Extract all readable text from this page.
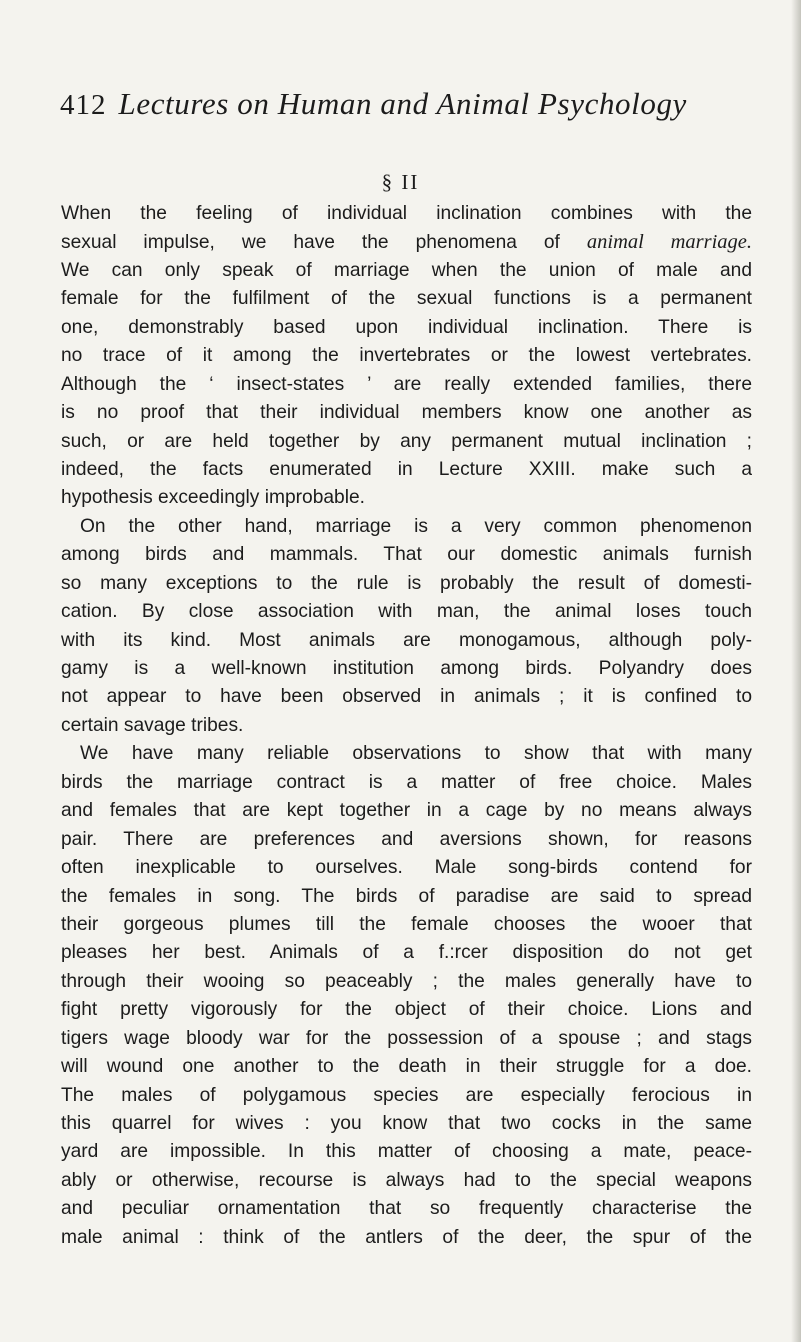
412 Lectures on Human and Animal Psychology
§ II
When the feeling of individual inclination combines with the
sexual impulse, we have the phenomena of animal marriage.
We can only speak of marriage when the union of male and
female for the fulfilment of the sexual functions is a permanent
one, demonstrably based upon individual inclination. There is
no trace of it among the invertebrates or the lowest vertebrates.
Although the ‘ insect-states ’ are really extended families, there
is no proof that their individual members know one another as
such, or are held together by any permanent mutual inclination ;
indeed, the facts enumerated in Lecture XXIII. make such a
hypothesis exceedingly improbable.
On the other hand, marriage is a very common phenomenon
among birds and mammals. That our domestic animals furnish
so many exceptions to the rule is probably the result of domesti-
cation. By close association with man, the animal loses touch
with its kind. Most animals are monogamous, although poly-
gamy is a well-known institution among birds. Polyandry does
not appear to have been observed in animals ; it is confined to
certain savage tribes.
We have many reliable observations to show that with many
birds the marriage contract is a matter of free choice. Males
and females that are kept together in a cage by no means always
pair. There are preferences and aversions shown, for reasons
often inexplicable to ourselves. Male song-birds contend for
the females in song. The birds of paradise are said to spread
their gorgeous plumes till the female chooses the wooer that
pleases her best. Animals of a f.:rcer disposition do not get
through their wooing so peaceably ; the males generally have to
fight pretty vigorously for the object of their choice. Lions and
tigers wage bloody war for the possession of a spouse ; and stags
will wound one another to the death in their struggle for a doe.
The males of polygamous species are especially ferocious in
this quarrel for wives : you know that two cocks in the same
yard are impossible. In this matter of choosing a mate, peace-
ably or otherwise, recourse is always had to the special weapons
and peculiar ornamentation that so frequently characterise the
male animal : think of the antlers of the deer, the spur of the
